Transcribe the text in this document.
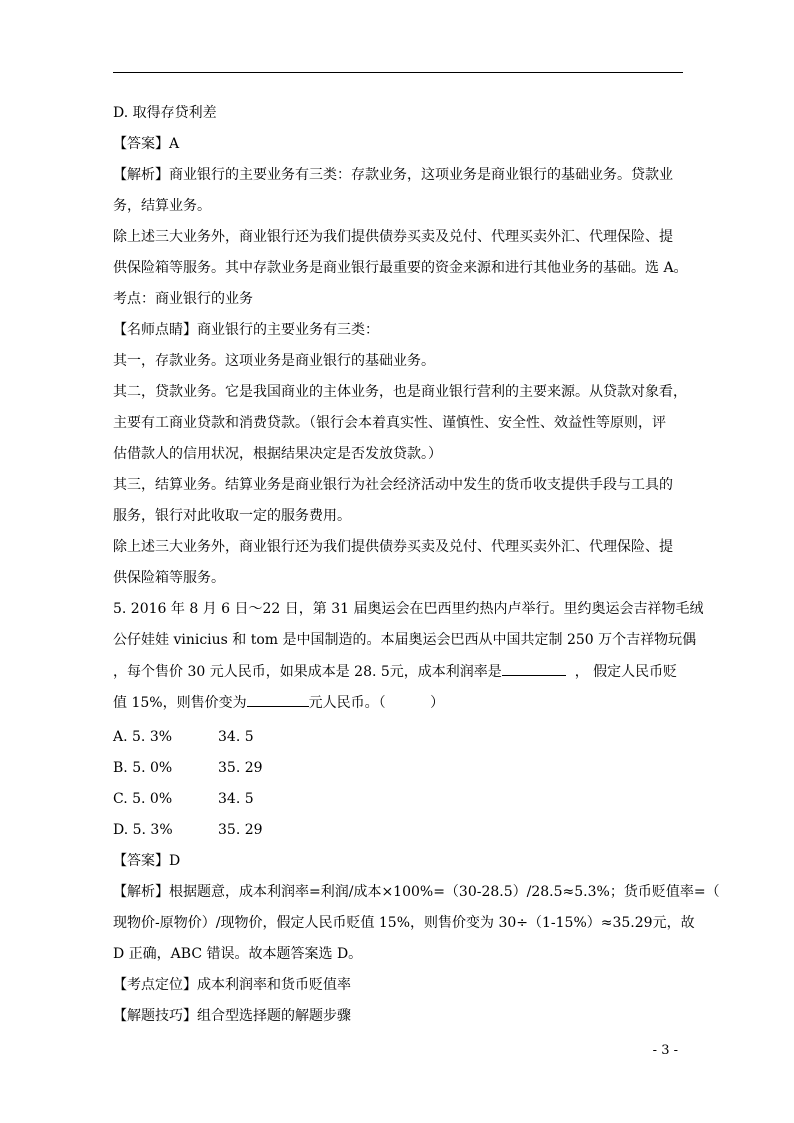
D. 取得存贷利差

【答案】A

【解析】商业银行的主要业务有三类：存款业务，这项业务是商业银行的基础业务。贷款业

务，结算业务。

除上述三大业务外，商业银行还为我们提供债券买卖及兑付、代理买卖外汇、代理保险、提

供保险箱等服务。其中存款业务是商业银行最重要的资金来源和进行其他业务的基础。选 A。

考点：商业银行的业务

【名师点睛】商业银行的主要业务有三类：

其一，存款业务。这项业务是商业银行的基础业务。

其二，贷款业务。它是我国商业的主体业务，也是商业银行营利的主要来源。从贷款对象看，

主要有工商业贷款和消费贷款。（银行会本着真实性、谨慎性、安全性、效益性等原则，评

估借款人的信用状况，根据结果决定是否发放贷款。）

其三，结算业务。结算业务是商业银行为社会经济活动中发生的货币收支提供手段与工具的

服务，银行对此收取一定的服务费用。

除上述三大业务外，商业银行还为我们提供债券买卖及兑付、代理买卖外汇、代理保险、提

供保险箱等服务。

5. 2016 年 8 月 6 日～22 日，第 31 届奥运会在巴西里约热内卢举行。里约奥运会吉祥物毛绒

公仔娃娃 vinicius 和 tom 是中国制造的。本届奥运会巴西从中国共定制 250 万个吉祥物玩偶

，每个售价 30 元人民币，如果成本是 28. 5元，成本利润率是	， 假定人民币贬

值 15%，则售价变为	元人民币。（          ）

A. 5. 3%	34. 5

B. 5. 0%	35. 29

C. 5. 0%	34. 5

D. 5. 3%	35. 29

【答案】D

【解析】根据题意，成本利润率=利润/成本×100%=（30-28.5）/28.5≈5.3%；货币贬值率=（

现物价-原物价）/现物价，假定人民币贬值 15%，则售价变为 30÷（1-15%）≈35.29元，故

D 正确，ABC 错误。故本题答案选 D。

【考点定位】成本利润率和货币贬值率

【解题技巧】组合型选择题的解题步骤

- 3 -
